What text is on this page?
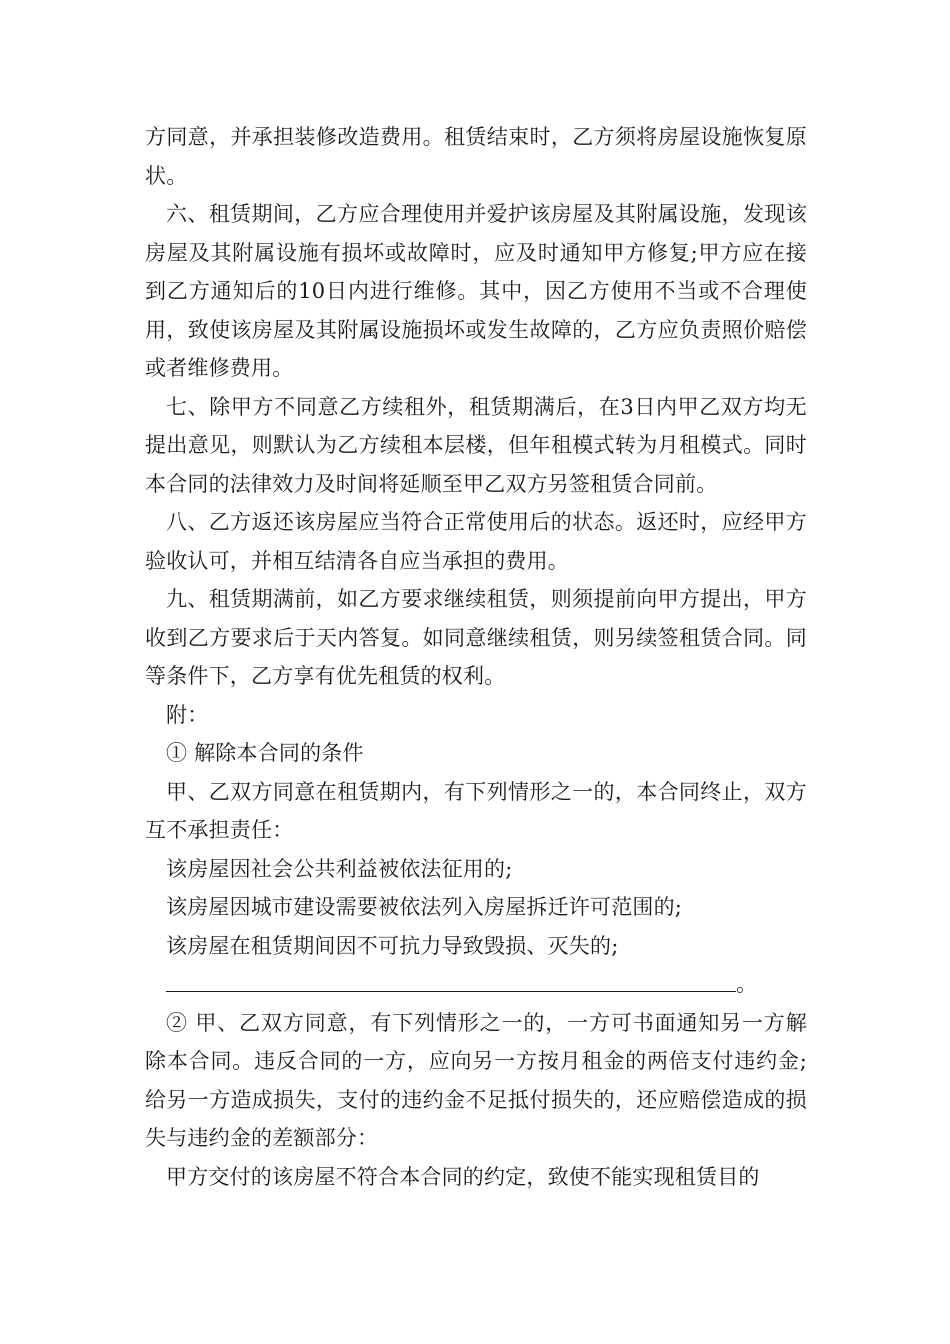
方同意，并承担装修改造费用。租赁结束时，乙方须将房屋设施恢复原状。

六、租赁期间，乙方应合理使用并爱护该房屋及其附属设施，发现该房屋及其附属设施有损坏或故障时，应及时通知甲方修复;甲方应在接到乙方通知后的10日内进行维修。其中，因乙方使用不当或不合理使用，致使该房屋及其附属设施损坏或发生故障的，乙方应负责照价赔偿或者维修费用。

七、除甲方不同意乙方续租外，租赁期满后，在3日内甲乙双方均无提出意见，则默认为乙方续租本层楼，但年租模式转为月租模式。同时本合同的法律效力及时间将延顺至甲乙双方另签租赁合同前。

八、乙方返还该房屋应当符合正常使用后的状态。返还时，应经甲方验收认可，并相互结清各自应当承担的费用。

九、租赁期满前，如乙方要求继续租赁，则须提前向甲方提出，甲方收到乙方要求后于天内答复。如同意继续租赁，则另续签租赁合同。同等条件下，乙方享有优先租赁的权利。

附：

① 解除本合同的条件

甲、乙双方同意在租赁期内，有下列情形之一的，本合同终止，双方互不承担责任：

该房屋因社会公共利益被依法征用的;

该房屋因城市建设需要被依法列入房屋拆迁许可范围的;

该房屋在租赁期间因不可抗力导致毁损、灭失的;

。

② 甲、乙双方同意，有下列情形之一的，一方可书面通知另一方解除本合同。违反合同的一方，应向另一方按月租金的两倍支付违约金;给另一方造成损失，支付的违约金不足抵付损失的，还应赔偿造成的损失与违约金的差额部分：

甲方交付的该房屋不符合本合同的约定，致使不能实现租赁目的
